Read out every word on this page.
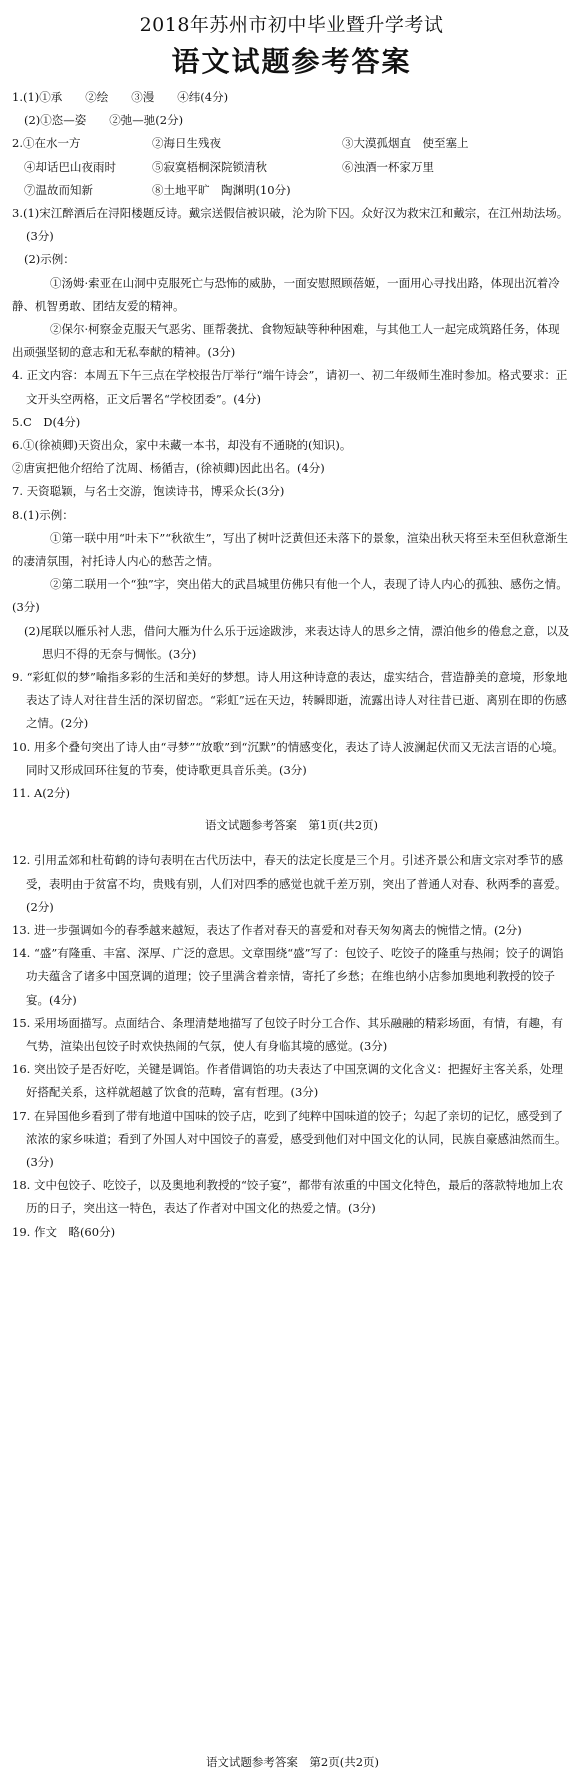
2018年苏州市初中毕业暨升学考试
语文试题参考答案
1.(1)①承　　②绘　　③漫　　④纬(4分)
(2)①恣—姿　　②弛—驰(2分)
2.①在水一方	②海日生残夜	③大漠孤烟直　使至塞上
④却话巴山夜雨时	⑤寂寞梧桐深院锁清秋	⑥浊酒一杯家万里
⑦温故而知新	⑧土地平旷　陶渊明(10分)
3.(1)宋江醉酒后在浔阳楼题反诗。戴宗送假信被识破，沦为阶下囚。众好汉为救宋江和戴宗，在江州劫法场。(3分)
(2)示例：
①汤姆·索亚在山洞中克服死亡与恐怖的威胁，一面安慰照顾蓓姬，一面用心寻找出路，体现出沉着冷静、机智勇敢、团结友爱的精神。
②保尔·柯察金克服天气恶劣、匪帮袭扰、食物短缺等种种困难，与其他工人一起完成筑路任务，体现出顽强坚韧的意志和无私奉献的精神。(3分)
4. 正文内容：本周五下午三点在学校报告厅举行“端午诗会”，请初一、初二年级师生准时参加。格式要求：正文开头空两格，正文后署名“学校团委”。(4分)
5.C　D(4分)
6.①(徐祯卿)天资出众，家中未藏一本书，却没有不通晓的(知识)。
②唐寅把他介绍给了沈周、杨循吉，(徐祯卿)因此出名。(4分)
7. 天资聪颖，与名士交游，饱读诗书，博采众长(3分)
8.(1)示例：
①第一联中用“叶未下”“秋欲生”，写出了树叶泛黄但还未落下的景象，渲染出秋天将至未至但秋意渐生的凄清氛围，衬托诗人内心的愁苦之情。
②第二联用一个“独”字，突出偌大的武昌城里仿佛只有他一个人，表现了诗人内心的孤独、感伤之情。(3分)
(2)尾联以雁乐衬人悲，借问大雁为什么乐于远途跋涉，来表达诗人的思乡之情，漂泊他乡的倦怠之意，以及思归不得的无奈与惆怅。(3分)
9. “彩虹似的梦”喻指多彩的生活和美好的梦想。诗人用这种诗意的表达，虚实结合，营造静美的意境，形象地表达了诗人对往昔生活的深切留恋。“彩虹”远在天边，转瞬即逝，流露出诗人对往昔已逝、离别在即的伤感之情。(2分)
10. 用多个叠句突出了诗人由“寻梦”“放歌”到“沉默”的情感变化，表达了诗人波澜起伏而又无法言语的心境。同时又形成回环往复的节奏，使诗歌更具音乐美。(3分)
11. A(2分)
语文试题参考答案　第1页(共2页)
12. 引用孟郊和杜荀鹤的诗句表明在古代历法中，春天的法定长度是三个月。引述齐景公和唐文宗对季节的感受，表明由于贫富不均，贵贱有别，人们对四季的感觉也就千差万别，突出了普通人对春、秋两季的喜爱。(2分)
13. 进一步强调如今的春季越来越短，表达了作者对春天的喜爱和对春天匆匆离去的惋惜之情。(2分)
14. “盛”有隆重、丰富、深厚、广泛的意思。文章围绕“盛”写了：包饺子、吃饺子的隆重与热闹；饺子的调馅功夫蕴含了诸多中国烹调的道理；饺子里满含着亲情，寄托了乡愁；在维也纳小店参加奥地利教授的饺子宴。(4分)
15. 采用场面描写。点面结合、条理清楚地描写了包饺子时分工合作、其乐融融的精彩场面，有情，有趣，有气势，渲染出包饺子时欢快热闹的气氛，使人有身临其境的感觉。(3分)
16. 突出饺子是否好吃，关键是调馅。作者借调馅的功夫表达了中国烹调的文化含义：把握好主客关系，处理好搭配关系，这样就超越了饮食的范畴，富有哲理。(3分)
17. 在异国他乡看到了带有地道中国味的饺子店，吃到了纯粹中国味道的饺子；勾起了亲切的记忆，感受到了浓浓的家乡味道；看到了外国人对中国饺子的喜爱，感受到他们对中国文化的认同，民族自豪感油然而生。(3分)
18. 文中包饺子、吃饺子，以及奥地利教授的“饺子宴”，都带有浓重的中国文化特色，最后的落款特地加上农历的日子，突出这一特色，表达了作者对中国文化的热爱之情。(3分)
19. 作文　略(60分)
语文试题参考答案　第2页(共2页)
